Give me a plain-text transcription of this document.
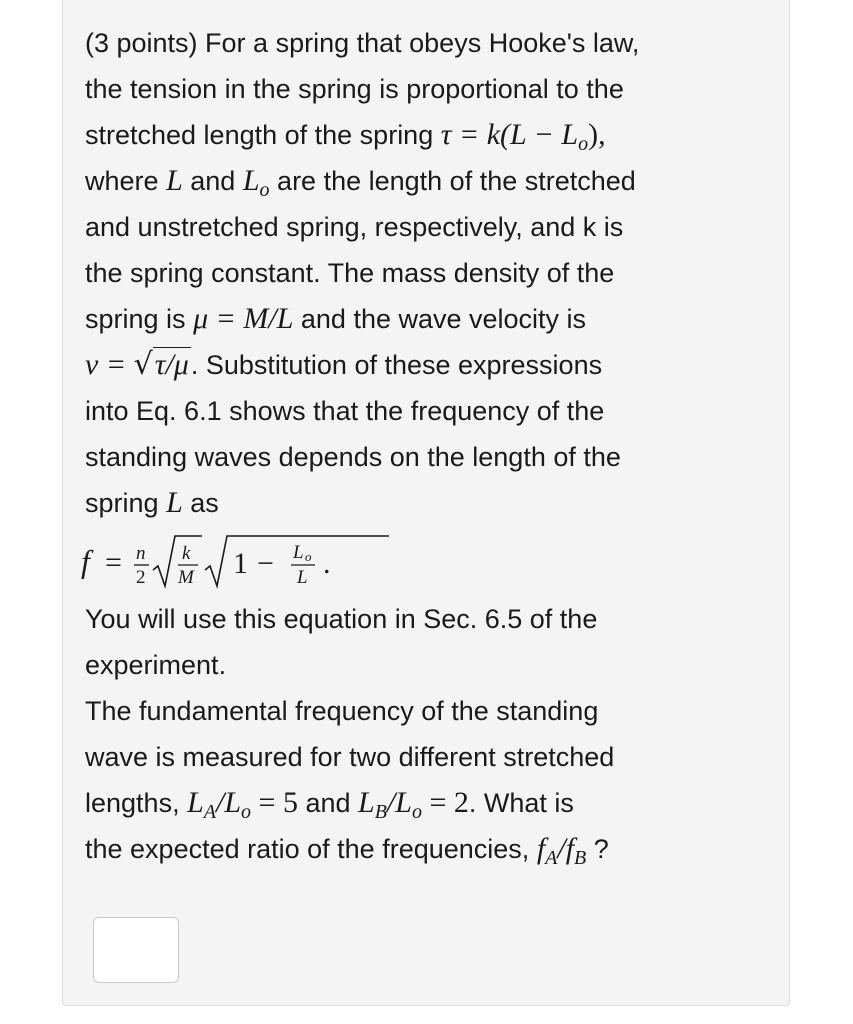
(3 points) For a spring that obeys Hooke's law,
the tension in the spring is proportional to the
stretched length of the spring $\tau = k(L - L_o)$,
where L and $L_o$ are the length of the stretched
and unstretched spring, respectively, and k is
the spring constant. The mass density of the
spring is μ = M/L and the wave velocity is
v = √τ/μ. Substitution of these expressions
into Eq. 6.1 shows that the frequency of the
standing waves depends on the length of the
spring L as
f = n
2
k
M 1 − L o
L .
You will use this equation in Sec. 6.5 of the
experiment.
The fundamental frequency of the standing
wave is measured for two different stretched
lengths, $L_A/L_o = 5$ and $L_B/L_o = 2$. What is
the expected ratio of the frequencies, $f_A/f_B$ ?
